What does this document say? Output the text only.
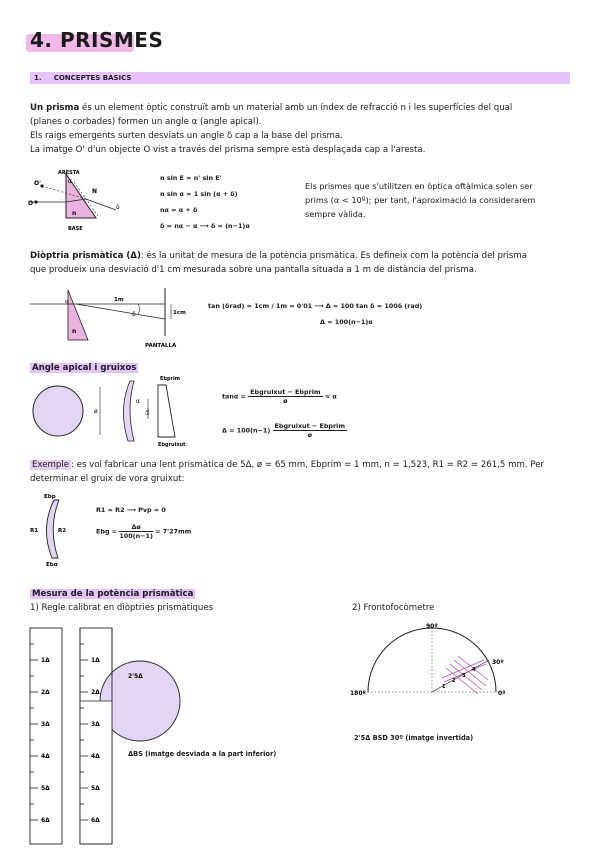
4. PRISMES
1. CONCEPTES BÀSICS
Un prisma és un element òptic construït amb un material amb un índex de refracció n i les superfícies del qual
(planes o corbades) formen un angle α (angle apical).
Els raigs emergents surten desviats un angle δ cap a la base del prisma.
La imatge O' d'un objecte O vist a través del prisma sempre està desplaçada cap a l'aresta.
O'
O
ARESTA
BASE
n
N
α
δ
n sin E = n' sin E'
n sin α = 1 sin (α + δ)
nα = α + δ
δ = nα − α ⟶ δ = (n−1)α
Els prismes que s'utilitzen en òptica oftàlmica solen ser
prims (α < 10º); per tant, l'aproximació la considerarem
sempre vàlida.
Diòptria prismàtica (Δ): és la unitat de mesura de la potència prismàtica. Es defineix com la potència del prisma
que produeix una desviació d'1 cm mesurada sobre una pantalla situada a 1 m de distància del prisma.
α
n
1m
δ	1cm
PANTALLA
tan (δrad) = 1cm / 1m = 0'01 ⟶ Δ = 100 tan δ = 100δ (rad)
Δ = 100(n−1)α
Angle apical i gruixos
ø
α
Ebprim
Ebgruixut
Eb
tanα =
Ebgruixut − Ebprim
ø
≈ α
Δ = 100(n−1)
Ebgruixut − Ebprim
ø
Exemple : es vol fabricar una lent prismàtica de 5Δ, ø = 65 mm, Ebprim = 1 mm, n = 1,523, R1 = R2 = 261,5 mm. Per
determinar el gruix de vora gruixut:
Ebp
Ebg
R1	R2
R1 = R2 ⟶ Pvp = 0
Ebg = $\frac{\Delta ø}{100(n-1)} = 7'27mm$
Mesura de la potència prismàtica
1) Regle calibrat en diòptries prismàtiques	2) Frontofocòmetre
1Δ
2Δ
3Δ
4Δ
5Δ
6Δ
1Δ
2Δ
3Δ
4Δ
5Δ
6Δ
2'5Δ
ΔBS (imatge desviada a la part inferior)
1
2
3
4
90º
30º
180º	0º
2'5Δ BSD 30º (imatge invertida)
